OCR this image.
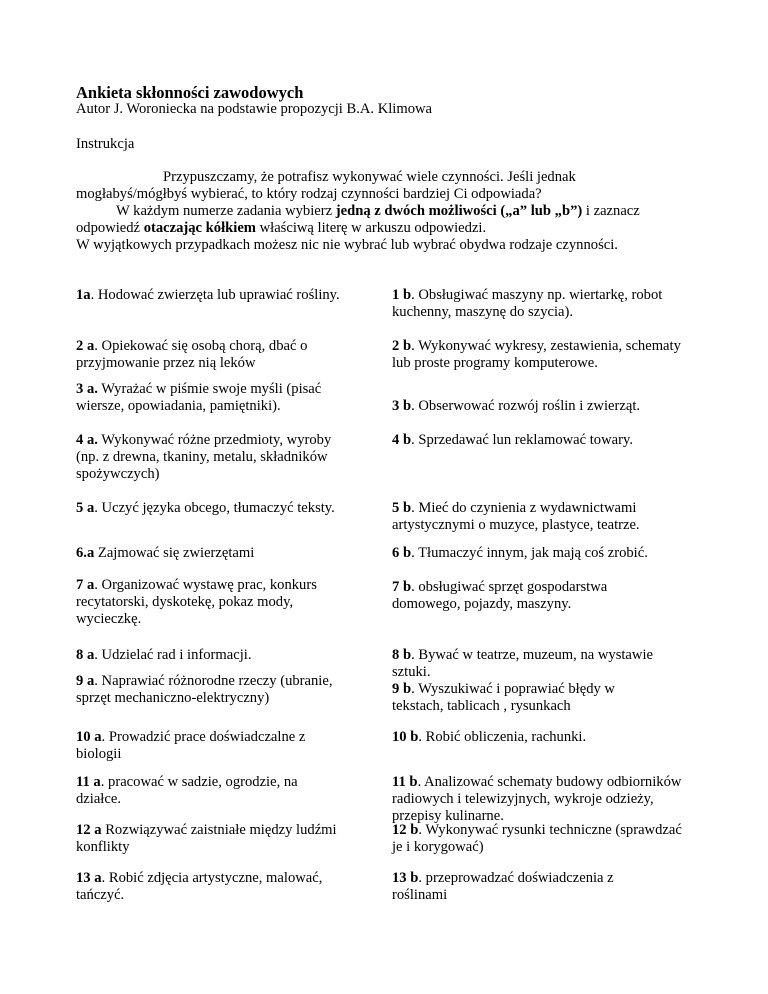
Ankieta skłonności zawodowych
Autor J. Woroniecka na podstawie propozycji B.A. Klimowa
Instrukcja
Przypuszczamy, że potrafisz wykonywać wiele czynności. Jeśli jednak
mogłabyś/mógłbyś wybierać, to który rodzaj czynności bardziej Ci odpowiada?
W każdym numerze zadania wybierz jedną z dwóch możliwości („a” lub „b”) i zaznacz
odpowiedź otaczając kółkiem właściwą literę w arkuszu odpowiedzi.
W wyjątkowych przypadkach możesz nic nie wybrać lub wybrać obydwa rodzaje czynności.
1a. Hodować zwierzęta lub uprawiać rośliny.
2 a. Opiekować się osobą chorą, dbać o przyjmowanie przez nią leków
3 a. Wyrażać w piśmie swoje myśli (pisać wiersze, opowiadania, pamiętniki).
4 a. Wykonywać różne przedmioty, wyroby (np. z drewna, tkaniny, metalu, składników spożywczych)
5 a. Uczyć języka obcego, tłumaczyć teksty.
6.a Zajmować się zwierzętami
7 a. Organizować wystawę prac, konkurs recytatorski, dyskotekę, pokaz mody, wycieczkę.
8 a. Udzielać rad i informacji.
9 a. Naprawiać różnorodne rzeczy (ubranie, sprzęt mechaniczno-elektryczny)
10 a. Prowadzić prace doświadczalne z biologii
11 a. pracować w sadzie, ogrodzie, na działce.
12 a Rozwiązywać zaistniałe między ludźmi konflikty
13 a. Robić zdjęcia artystyczne, malować, tańczyć.
1 b. Obsługiwać maszyny np. wiertarkę, robot kuchenny, maszynę do szycia).
2 b. Wykonywać wykresy, zestawienia, schematy lub proste programy komputerowe.
3 b. Obserwować rozwój roślin i zwierząt.
4 b. Sprzedawać lun reklamować towary.
5 b. Mieć do czynienia z wydawnictwami artystycznymi o muzyce, plastyce, teatrze.
6 b. Tłumaczyć innym, jak mają coś zrobić.
7 b. obsługiwać sprzęt gospodarstwa domowego, pojazdy, maszyny.
8 b. Bywać w teatrze, muzeum, na wystawie sztuki.
9 b. Wyszukiwać i poprawiać błędy w tekstach, tablicach , rysunkach
10 b. Robić obliczenia, rachunki.
11 b. Analizować schematy budowy odbiorników radiowych i telewizyjnych, wykroje odzieży, przepisy kulinarne.
12 b. Wykonywać rysunki techniczne (sprawdzać je i korygować)
13 b. przeprowadzać doświadczenia z roślinami
